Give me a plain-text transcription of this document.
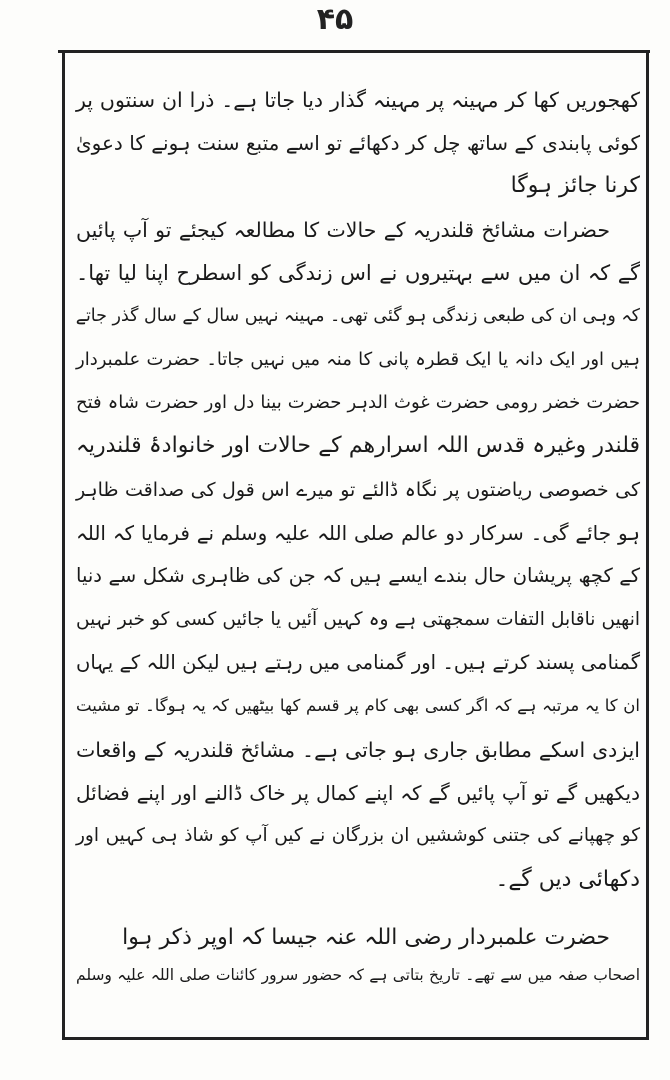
۴۵
کھجوریں کھا کر مہینہ پر مہینہ گذار دیا جاتا ہے۔ ذرا ان سنتوں پر
کوئی پابندی کے ساتھ چل کر دکھائے تو اسے متبع سنت ہونے کا دعویٰ
کرنا جائز ہوگا
حضرات مشائخ قلندریہ کے حالات کا مطالعہ کیجئے تو آپ پائیں
گے کہ ان میں سے بہتیروں نے اس زندگی کو اسطرح اپنا لیا تھا۔
کہ وہی ان کی طبعی زندگی ہو گئی تھی۔ مہینہ نہیں سال کے سال گذر جاتے
ہیں اور ایک دانہ یا ایک قطرہ پانی کا منہ میں نہیں جاتا۔ حضرت علمبردار
حضرت خضر رومی حضرت غوث الدہر حضرت بینا دل اور حضرت شاہ فتح
قلندر وغیرہ قدس اللہ اسرارھم کے حالات اور خانوادۂ قلندریہ
کی خصوصی ریاضتوں پر نگاہ ڈالئے تو میرے اس قول کی صداقت ظاہر
ہو جائے گی۔ سرکار دو عالم صلی اللہ علیہ وسلم نے فرمایا کہ اللہ
کے کچھ پریشان حال بندے ایسے ہیں کہ جن کی ظاہری شکل سے دنیا
انھیں ناقابل التفات سمجھتی ہے وہ کہیں آئیں یا جائیں کسی کو خبر نہیں
گمنامی پسند کرتے ہیں۔ اور گمنامی میں رہتے ہیں لیکن اللہ کے یہاں
ان کا یہ مرتبہ ہے کہ اگر کسی بھی کام پر قسم کھا بیٹھیں کہ یہ ہوگا۔ تو مشیت
ایزدی اسکے مطابق جاری ہو جاتی ہے۔ مشائخ قلندریہ کے واقعات
دیکھیں گے تو آپ پائیں گے کہ اپنے کمال پر خاک ڈالنے اور اپنے فضائل
کو چھپانے کی جتنی کوششیں ان بزرگان نے کیں آپ کو شاذ ہی کہیں اور
دکھائی دیں گے۔
حضرت علمبردار رضی اللہ عنہ جیسا کہ اوپر ذکر ہوا
اصحاب صفہ میں سے تھے۔ تاریخ بتاتی ہے کہ حضور سرور کائنات صلی اللہ علیہ وسلم
